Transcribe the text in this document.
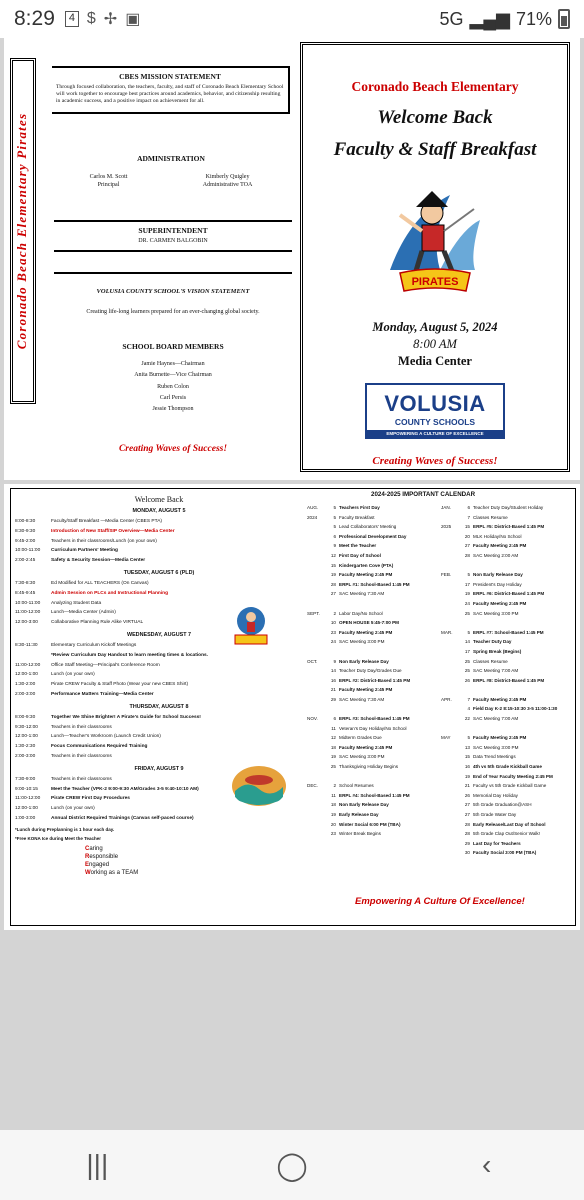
8:29	4 $ ✢ ▣	5G ▂▄▆ 71%
Coronado Beach Elementary Pirates
CBES MISSION STATEMENT
Through focused collaboration, the teachers, faculty, and staff of Coronado Beach Elementary School will work together to encourage best practices around academics, behavior, and citizenship resulting in academic success, and a positive impact on achievement for all.
ADMINISTRATION
Carlos M. Scott
Principal
Kimberly Quigley
Administrative TOA
SUPERINTENDENT
DR. CARMEN BALGOBIN
VOLUSIA COUNTY SCHOOL'S VISION STATEMENT
Creating life-long learners prepared for an ever-changing global society.
SCHOOL BOARD MEMBERS
Jamie Haynes—Chairman
Anita Burnette—Vice Chairman
Ruben Colon
Carl Persis
Jessie Thompson
Creating Waves of Success!
Coronado Beach Elementary
Welcome Back
Faculty & Staff Breakfast
PIRATES
Monday, August 5, 2024
8:00 AM
Media Center
VOLUSIA
COUNTY SCHOOLS
EMPOWERING A CULTURE OF EXCELLENCE
Creating Waves of Success!
Welcome Back
MONDAY, AUGUST 5
8:00-8:30	Faculty/Staff Breakfast —Media Center (CBES PTA)
8:30-9:30	Introduction of New Staff/SIP Overview—Media Center
9:45-2:00	Teachers in their classrooms/Lunch (on your own)
10:00-11:00	Curriculum Partners' Meeting
2:00-2:45	Safety & Security Session—Media Center
TUESDAY, AUGUST 6 (PLD)
7:30-8:30	Ed Modified for ALL TEACHERS (On Canvas)
8:45-9:45	Admin Session on PLCs and Instructional Planning
10:00-11:00	Analyzing Student Data
11:00-12:00	Lunch—Media Center (Admin)
12:00-3:00	Collaborative Planning Rule Alike VIRTUAL
WEDNESDAY, AUGUST 7
8:30-11:30	Elementary Curriculum Kickoff Meetings
*Review Curriculum Day Handout to learn meeting times & locations.
11:00-12:00	Office Staff Meeting—Principal's Conference Room
12:00-1:00	Lunch (on your own)
1:30-2:00	Pirate CREW Faculty & Staff Photo (Wear your new CBES Shirt)
2:00-3:00	Performance Matters Training—Media Center
THURSDAY, AUGUST 8
8:00-9:30	Together We Shine Brighter! A Pirate's Guide for School Success!
9:30-12:00	Teachers in their classrooms
12:00-1:00	Lunch—Teacher's Workroom (Launch Credit Union)
1:30-2:30	Focus Communications Required Training
2:00-3:00	Teachers in their classrooms
FRIDAY, AUGUST 9
7:30-9:00	Teachers in their classrooms
9:00-10:15	Meet the Teacher (VPK-2 9:00-9:30 AM/Grades 3-5 9:40-10:10 AM)
11:00-12:00	Pirate CREW First Day Procedures
12:00-1:00	Lunch (on your own)
1:00-3:00	Annual District Required Trainings (Canvas self-paced course)
*Lunch during Preplanning is 1 hour each day.
*Free KONA Ice during Meet the Teacher
Caring
Responsible
Engaged
Working as a TEAM
2024-2025 IMPORTANT CALENDAR
AUG.	5 Teachers First Day
2024	5 Faculty Breakfast

5 Lead Collaborators' Meeting

6 Professional Development Day

9 Meet the Teacher

12 First Day of School

15 Kindergarten Cove (PTA)

19 Faculty Meeting 2:45 PM

28 ERPL #1: School-Based 1:45 PM

27 SAC Meeting 7:30 AM

SEPT.	2 Labor Day/No School

10 OPEN HOUSE 5:45-7:00 PM

23 Faculty Meeting 2:45 PM

24 SAC Meeting 3:00 PM

OCT.	9 Non Early Release Day

14 Teacher Duty Day/Grades Due

16 ERPL #2: District-Based 1:45 PM

21 Faculty Meeting 2:45 PM

29 SAC Meeting 7:30 AM

NOV.	6 ERPL #3: School-Based 1:45 PM

11 Veteran's Day Holiday/No School

12 Midterm Grades Due

18 Faculty Meeting 2:45 PM

19 SAC Meeting 3:00 PM

25 Thanksgiving Holiday Begins

DEC.	2 School Resumes

11 ERPL #4: School-Based 1:45 PM

18 Non Early Release Day

19 Early Release Day

20 Winter Social 6:00 PM (TBA)

23 Winter Break Begins
JAN.	6 Teacher Duty Day/Student Holiday

7 Classes Resume
2025	15 ERPL #5: District-Based 1:45 PM

20 MLK Holiday/No School

27 Faculty Meeting 2:45 PM

28 SAC Meeting 2:00 AM

FEB.	5 Non Early Release Day

17 President's Day Holiday

19 ERPL #6: District-Based 1:45 PM

24 Faculty Meeting 2:45 PM

25 SAC Meeting 3:00 PM

MAR.	5 ERPL #7: School-Based 1:45 PM

14 Teacher Duty Day

17 Spring Break (Begins)

25 Classes Resume

25 SAC Meeting 7:00 AM

26 ERPL #8: District-Based 1:45 PM

APR.	7 Faculty Meeting 2:45 PM

4 Field Day K-2 8:15-10:30 3-5 11:00-1:30

22 SAC Meeting 7:00 AM

MAY	5 Faculty Meeting 2:45 PM

13 SAC Meeting 3:00 PM

15 Data Trend Meetings

16 4th vs 5th Grade Kickball Game

19 End of Year Faculty Meeting 2:45 PM

21 Faculty vs 5th Grade Kickball Game

26 Memorial Day Holiday

27 5th Grade Graduation@ASH

27 5th Grade Water Day

28 Early Release/Last Day of School

28 5th Grade Clap Out/Senior Walk!

29 Last Day for Teachers

30 Faculty Social 3:00 PM (TBA)
Empowering A Culture Of Excellence!
|||	◯	‹
